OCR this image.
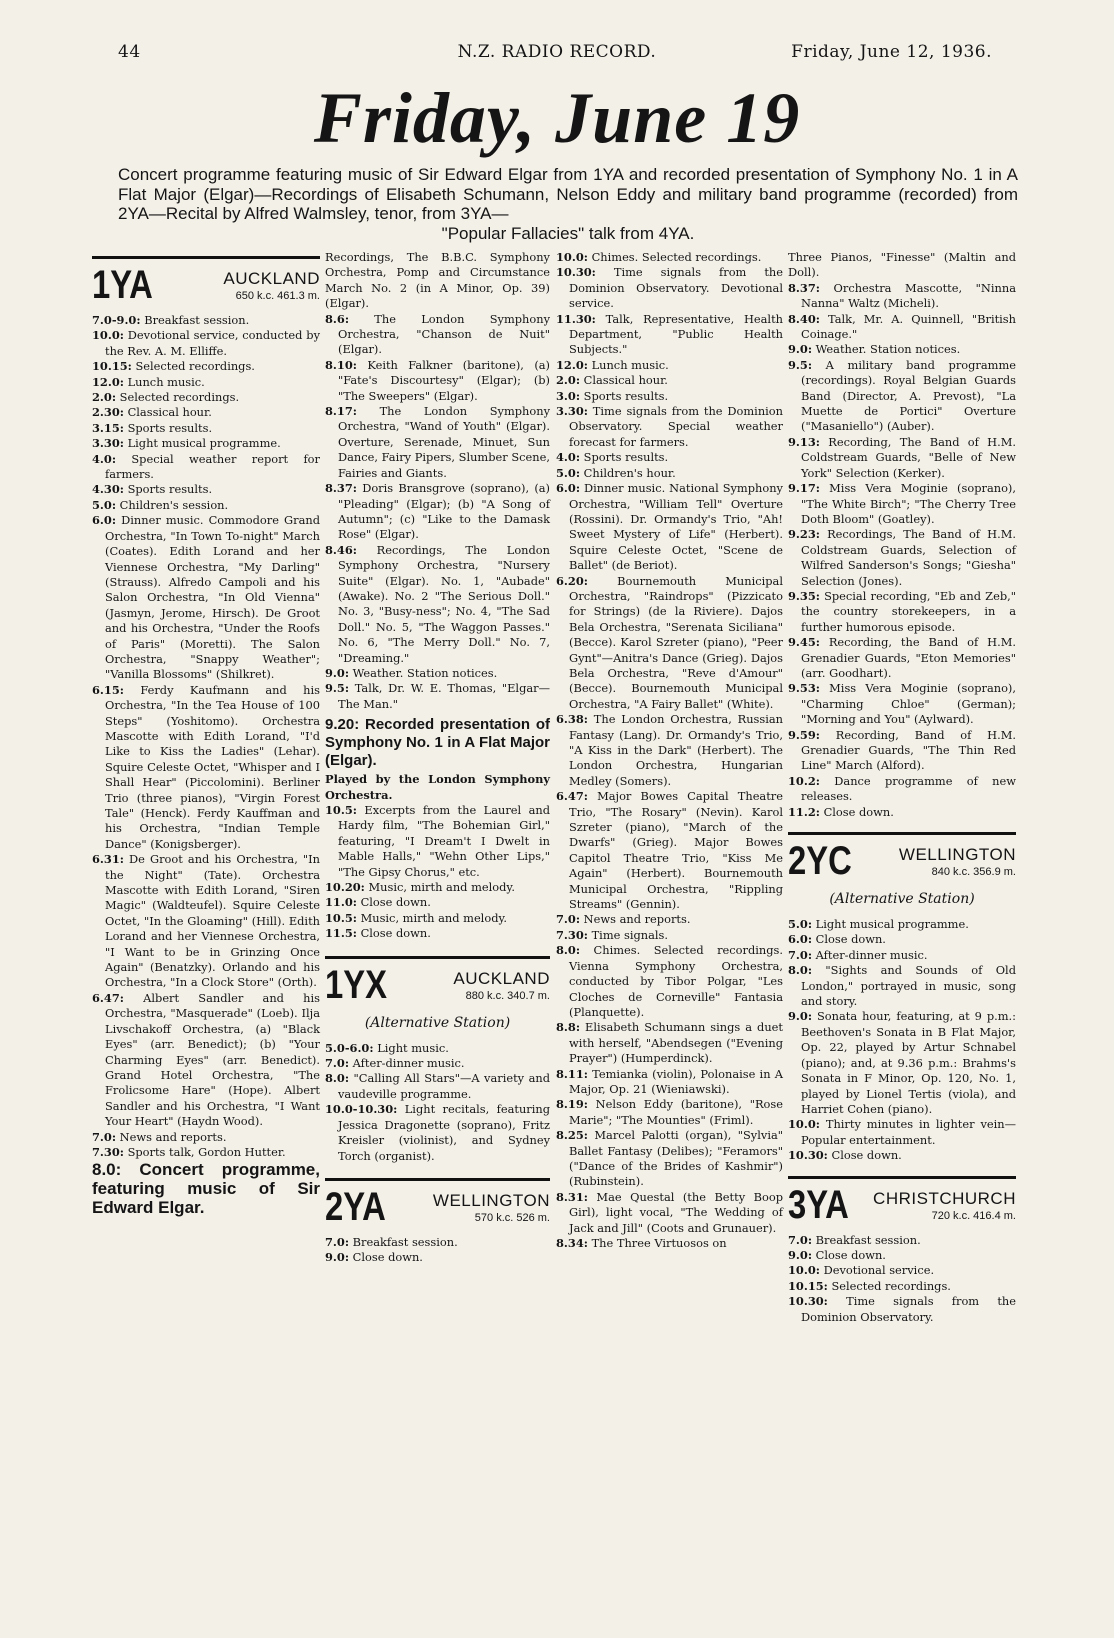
44	N.Z. RADIO RECORD.	Friday, June 12, 1936.
Friday, June 19
Concert programme featuring music of Sir Edward Elgar from 1YA and recorded presentation of Symphony No. 1 in A Flat Major (Elgar)—Recordings of Elisabeth Schumann, Nelson Eddy and military band programme (recorded) from 2YA—Recital by Alfred Walmsley, tenor, from 3YA—
"Popular Fallacies" talk from 4YA.
1YA	AUCKLAND
650 k.c. 461.3 m.

7.0-9.0: Breakfast session.

10.0: Devotional service, conducted by the Rev. A. M. Elliffe.

10.15: Selected recordings.

12.0: Lunch music.

2.0: Selected recordings.

2.30: Classical hour.

3.15: Sports results.

3.30: Light musical programme.

4.0: Special weather report for farmers.

4.30: Sports results.

5.0: Children's session.

6.0: Dinner music. Commodore Grand Orchestra, "In Town To-night" March (Coates). Edith Lorand and her Viennese Orchestra, "My Darling" (Strauss). Alfredo Campoli and his Salon Orchestra, "In Old Vienna" (Jasmyn, Jerome, Hirsch). De Groot and his Orchestra, "Under the Roofs of Paris" (Moretti). The Salon Orchestra, "Snappy Weather"; "Vanilla Blossoms" (Shilkret).

6.15: Ferdy Kaufmann and his Orchestra, "In the Tea House of 100 Steps" (Yoshitomo). Orchestra Mascotte with Edith Lorand, "I'd Like to Kiss the Ladies" (Lehar). Squire Celeste Octet, "Whisper and I Shall Hear" (Piccolomini). Berliner Trio (three pianos), "Virgin Forest Tale" (Henck). Ferdy Kauffman and his Orchestra, "Indian Temple Dance" (Konigsberger).

6.31: De Groot and his Orchestra, "In the Night" (Tate). Orchestra Mascotte with Edith Lorand, "Siren Magic" (Waldteufel). Squire Celeste Octet, "In the Gloaming" (Hill). Edith Lorand and her Viennese Orchestra, "I Want to be in Grinzing Once Again" (Benatzky). Orlando and his Orchestra, "In a Clock Store" (Orth).

6.47: Albert Sandler and his Orchestra, "Masquerade" (Loeb). Ilja Livschakoff Orchestra, (a) "Black Eyes" (arr. Benedict); (b) "Your Charming Eyes" (arr. Benedict). Grand Hotel Orchestra, "The Frolicsome Hare" (Hope). Albert Sandler and his Orchestra, "I Want Your Heart" (Haydn Wood).

7.0: News and reports.

7.30: Sports talk, Gordon Hutter.

8.0: Concert programme, featuring music of Sir Edward Elgar.

Recordings, The B.B.C. Symphony Orchestra, Pomp and Circumstance March No. 2 (in A Minor, Op. 39) (Elgar).

8.6: The London Symphony Orchestra, "Chanson de Nuit" (Elgar).

8.10: Keith Falkner (baritone), (a) "Fate's Discourtesy" (Elgar); (b) "The Sweepers" (Elgar).

8.17: The London Symphony Orchestra, "Wand of Youth" (Elgar). Overture, Serenade, Minuet, Sun Dance, Fairy Pipers, Slumber Scene, Fairies and Giants.

8.37: Doris Bransgrove (soprano), (a) "Pleading" (Elgar); (b) "A Song of Autumn"; (c) "Like to the Damask Rose" (Elgar).

8.46: Recordings, The London Symphony Orchestra, "Nursery Suite" (Elgar). No. 1, "Aubade" (Awake). No. 2 "The Serious Doll." No. 3, "Busy-ness"; No. 4, "The Sad Doll." No. 5, "The Waggon Passes." No. 6, "The Merry Doll." No. 7, "Dreaming."

9.0: Weather. Station notices.

9.5: Talk, Dr. W. E. Thomas, "Elgar—The Man."

9.20: Recorded presentation of Symphony No. 1 in A Flat Major (Elgar).

Played by the London Symphony Orchestra.

10.5: Excerpts from the Laurel and Hardy film, "The Bohemian Girl," featuring, "I Dream't I Dwelt in Mable Halls," "Wehn Other Lips," "The Gipsy Chorus," etc.

10.20: Music, mirth and melody.

11.0: Close down.

10.5: Music, mirth and melody.

11.5: Close down.

1YX	AUCKLAND
880 k.c. 340.7 m.
(Alternative Station)

5.0-6.0: Light music.

7.0: After-dinner music.

8.0: "Calling All Stars"—A variety and vaudeville programme.

10.0-10.30: Light recitals, featuring Jessica Dragonette (soprano), Fritz Kreisler (violinist), and Sydney Torch (organist).

2YA	WELLINGTON
570 k.c. 526 m.

7.0: Breakfast session.

9.0: Close down.

10.0: Chimes. Selected recordings.

10.30: Time signals from the Dominion Observatory. Devotional service.

11.30: Talk, Representative, Health Department, "Public Health Subjects."

12.0: Lunch music.

2.0: Classical hour.

3.0: Sports results.

3.30: Time signals from the Dominion Observatory. Special weather forecast for farmers.

4.0: Sports results.

5.0: Children's hour.

6.0: Dinner music. National Symphony Orchestra, "William Tell" Overture (Rossini). Dr. Ormandy's Trio, "Ah! Sweet Mystery of Life" (Herbert). Squire Celeste Octet, "Scene de Ballet" (de Beriot).

6.20: Bournemouth Municipal Orchestra, "Raindrops" (Pizzicato for Strings) (de la Riviere). Dajos Bela Orchestra, "Serenata Siciliana" (Becce). Karol Szreter (piano), "Peer Gynt"—Anitra's Dance (Grieg). Dajos Bela Orchestra, "Reve d'Amour" (Becce). Bournemouth Municipal Orchestra, "A Fairy Ballet" (White).

6.38: The London Orchestra, Russian Fantasy (Lang). Dr. Ormandy's Trio, "A Kiss in the Dark" (Herbert). The London Orchestra, Hungarian Medley (Somers).

6.47: Major Bowes Capital Theatre Trio, "The Rosary" (Nevin). Karol Szreter (piano), "March of the Dwarfs" (Grieg). Major Bowes Capitol Theatre Trio, "Kiss Me Again" (Herbert). Bournemouth Municipal Orchestra, "Rippling Streams" (Gennin).

7.0: News and reports.

7.30: Time signals.

8.0: Chimes. Selected recordings. Vienna Symphony Orchestra, conducted by Tibor Polgar, "Les Cloches de Corneville" Fantasia (Planquette).

8.8: Elisabeth Schumann sings a duet with herself, "Abendsegen ("Evening Prayer") (Humperdinck).

8.11: Temianka (violin), Polonaise in A Major, Op. 21 (Wieniawski).

8.19: Nelson Eddy (baritone), "Rose Marie"; "The Mounties" (Friml).

8.25: Marcel Palotti (organ), "Sylvia" Ballet Fantasy (Delibes); "Feramors" ("Dance of the Brides of Kashmir") (Rubinstein).

8.31: Mae Questal (the Betty Boop Girl), light vocal, "The Wedding of Jack and Jill" (Coots and Grunauer).

8.34: The Three Virtuosos on

Three Pianos, "Finesse" (Maltin and Doll).

8.37: Orchestra Mascotte, "Ninna Nanna" Waltz (Micheli).

8.40: Talk, Mr. A. Quinnell, "British Coinage."

9.0: Weather. Station notices.

9.5: A military band programme (recordings). Royal Belgian Guards Band (Director, A. Prevost), "La Muette de Portici" Overture ("Masaniello") (Auber).

9.13: Recording, The Band of H.M. Coldstream Guards, "Belle of New York" Selection (Kerker).

9.17: Miss Vera Moginie (soprano), "The White Birch"; "The Cherry Tree Doth Bloom" (Goatley).

9.23: Recordings, The Band of H.M. Coldstream Guards, Selection of Wilfred Sanderson's Songs; "Giesha" Selection (Jones).

9.35: Special recording, "Eb and Zeb," the country storekeepers, in a further humorous episode.

9.45: Recording, the Band of H.M. Grenadier Guards, "Eton Memories" (arr. Goodhart).

9.53: Miss Vera Moginie (soprano), "Charming Chloe" (German); "Morning and You" (Aylward).

9.59: Recording, Band of H.M. Grenadier Guards, "The Thin Red Line" March (Alford).

10.2: Dance programme of new releases.

11.2: Close down.

2YC	WELLINGTON
840 k.c. 356.9 m.
(Alternative Station)

5.0: Light musical programme.

6.0: Close down.

7.0: After-dinner music.

8.0: "Sights and Sounds of Old London," portrayed in music, song and story.

9.0: Sonata hour, featuring, at 9 p.m.: Beethoven's Sonata in B Flat Major, Op. 22, played by Artur Schnabel (piano); and, at 9.36 p.m.: Brahms's Sonata in F Minor, Op. 120, No. 1, played by Lionel Tertis (viola), and Harriet Cohen (piano).

10.0: Thirty minutes in lighter vein—Popular entertainment.

10.30: Close down.

3YA	CHRISTCHURCH
720 k.c. 416.4 m.

7.0: Breakfast session.

9.0: Close down.

10.0: Devotional service.

10.15: Selected recordings.

10.30: Time signals from the Dominion Observatory.
